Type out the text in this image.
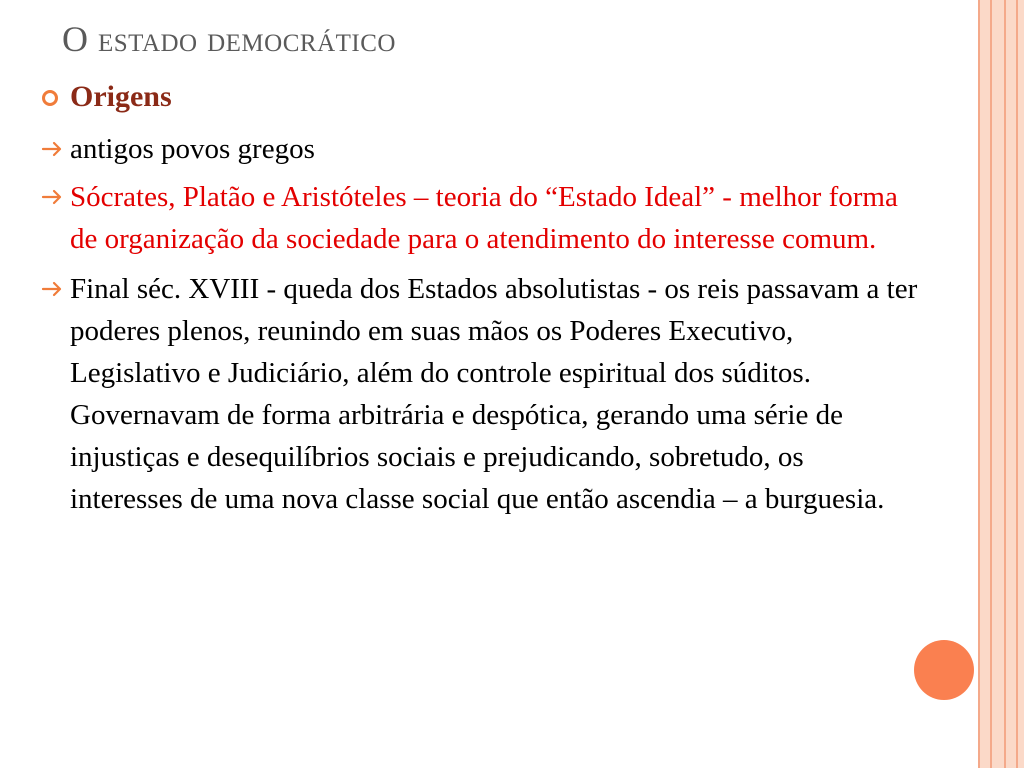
O estado democrático
Origens
antigos povos gregos
Sócrates, Platão e Aristóteles – teoria do “Estado Ideal” - melhor forma de organização da sociedade para o atendimento do interesse comum.
Final séc. XVIII - queda dos Estados absolutistas - os reis passavam a ter poderes plenos, reunindo em suas mãos os Poderes Executivo, Legislativo e Judiciário, além do controle espiritual dos súditos. Governavam de forma arbitrária e despótica, gerando uma série de injustiças e desequilíbrios sociais e prejudicando, sobretudo, os interesses de uma nova classe social que então ascendia – a burguesia.
